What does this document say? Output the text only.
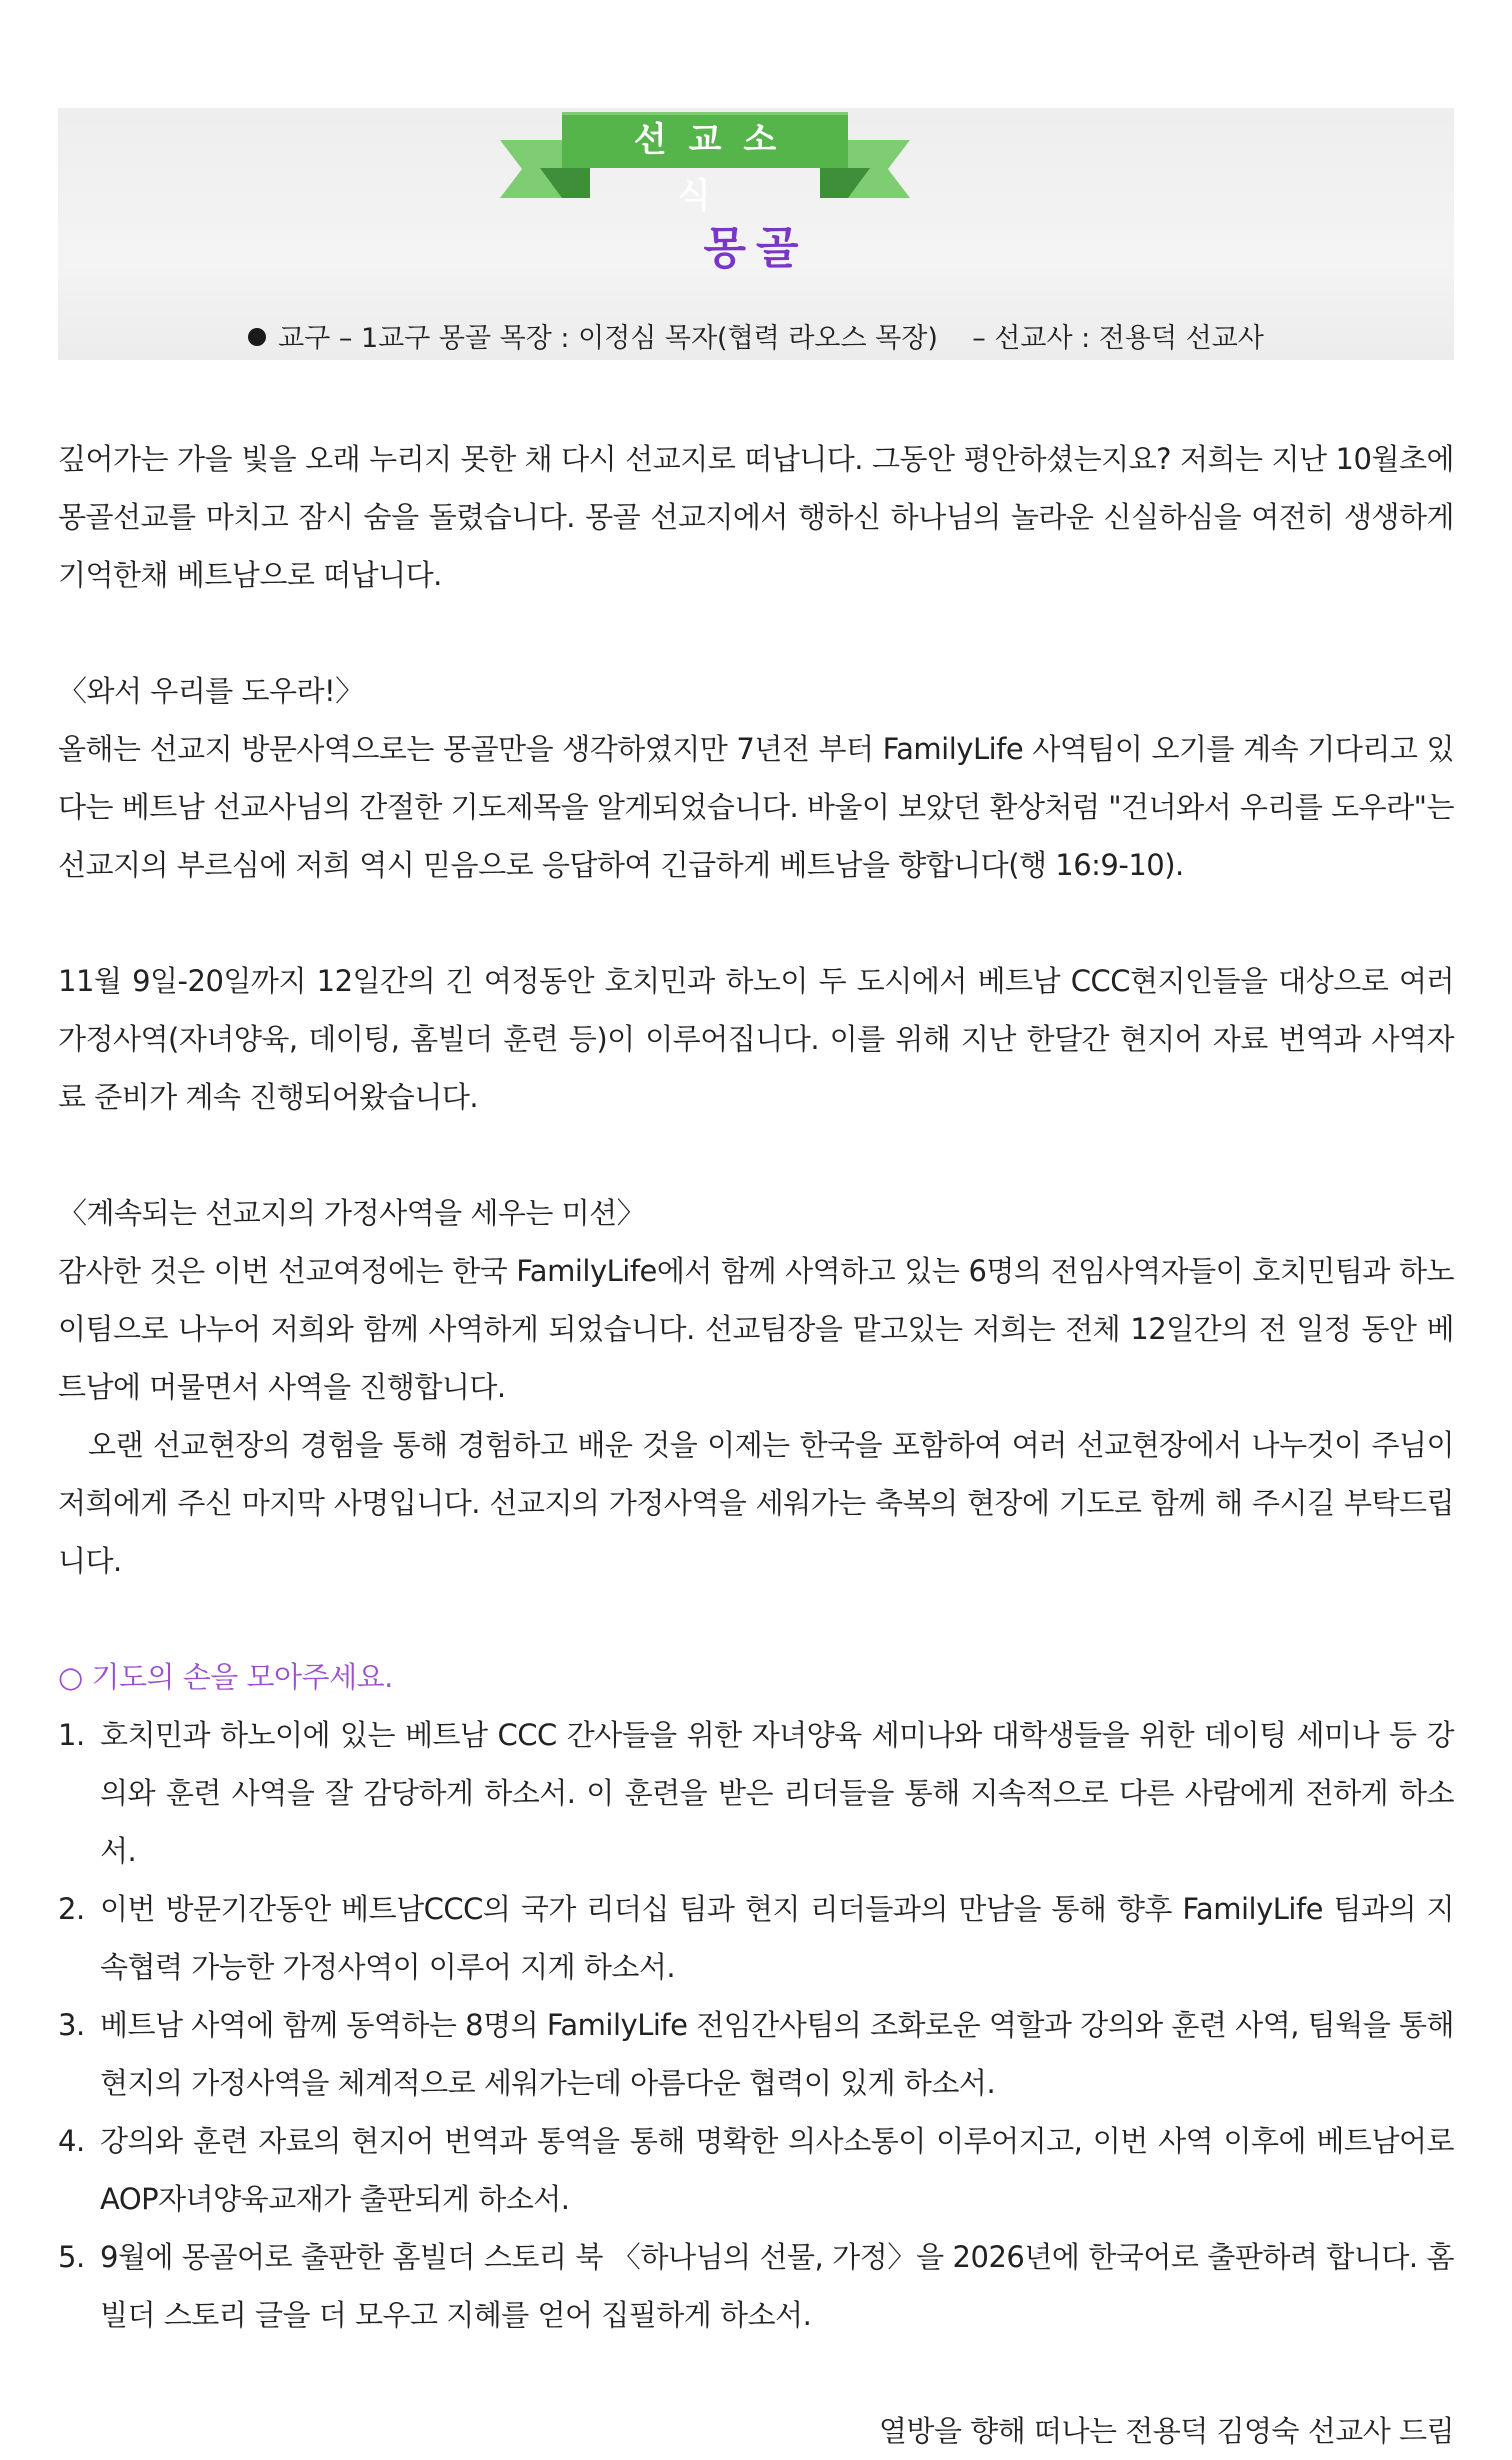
선교소식
몽골
교구 – 1교구 몽골 목장 : 이정심 목자(협력 라오스 목장)    – 선교사 : 전용덕 선교사

깊어가는 가을 빛을 오래 누리지 못한 채 다시 선교지로 떠납니다. 그동안 평안하셨는지요? 저희는 지난 10월초에 몽골선교를 마치고 잠시 숨을 돌렸습니다. 몽골 선교지에서 행하신 하나님의 놀라운 신실하심을 여전히 생생하게 기억한채 베트남으로 떠납니다.

〈와서 우리를 도우라!〉

올해는 선교지 방문사역으로는 몽골만을 생각하였지만 7년전 부터 FamilyLife 사역팀이 오기를 계속 기다리고 있다는 베트남 선교사님의 간절한 기도제목을 알게되었습니다. 바울이 보았던 환상처럼 "건너와서 우리를 도우라"는 선교지의 부르심에 저희 역시 믿음으로 응답하여 긴급하게 베트남을 향합니다(행 16:9-10).

11월 9일-20일까지 12일간의 긴 여정동안 호치민과 하노이 두 도시에서 베트남 CCC현지인들을 대상으로 여러 가정사역(자녀양육, 데이팅, 홈빌더 훈련 등)이 이루어집니다. 이를 위해 지난 한달간 현지어 자료 번역과 사역자료 준비가 계속 진행되어왔습니다.

〈계속되는 선교지의 가정사역을 세우는 미션〉

감사한 것은 이번 선교여정에는 한국 FamilyLife에서 함께 사역하고 있는 6명의 전임사역자들이 호치민팀과 하노이팀으로 나누어 저희와 함께 사역하게 되었습니다. 선교팀장을 맡고있는 저희는 전체 12일간의 전 일정 동안 베트남에 머물면서 사역을 진행합니다.

오랜 선교현장의 경험을 통해 경험하고 배운 것을 이제는 한국을 포함하여 여러 선교현장에서 나누것이 주님이 저희에게 주신 마지막 사명입니다. 선교지의 가정사역을 세워가는 축복의 현장에 기도로 함께 해 주시길 부탁드립니다.

○ 기도의 손을 모아주세요.

1. 호치민과 하노이에 있는 베트남 CCC 간사들을 위한 자녀양육 세미나와 대학생들을 위한 데이팅 세미나 등 강의와 훈련 사역을 잘 감당하게 하소서. 이 훈련을 받은 리더들을 통해 지속적으로 다른 사람에게 전하게 하소서.
2. 이번 방문기간동안 베트남CCC의 국가 리더십 팀과 현지 리더들과의 만남을 통해 향후 FamilyLife 팀과의 지속협력 가능한 가정사역이 이루어 지게 하소서.
3. 베트남 사역에 함께 동역하는 8명의 FamilyLife 전임간사팀의 조화로운 역할과 강의와 훈련 사역, 팀웍을 통해 현지의 가정사역을 체계적으로 세워가는데 아름다운 협력이 있게 하소서.
4. 강의와 훈련 자료의 현지어 번역과 통역을 통해 명확한 의사소통이 이루어지고, 이번 사역 이후에 베트남어로 AOP자녀양육교재가 출판되게 하소서.
5. 9월에 몽골어로 출판한 홈빌더 스토리 북 〈하나님의 선물, 가정〉을 2026년에 한국어로 출판하려 합니다. 홈빌더 스토리 글을 더 모우고 지혜를 얻어 집필하게 하소서.

열방을 향해 떠나는 전용덕 김영숙 선교사 드림
